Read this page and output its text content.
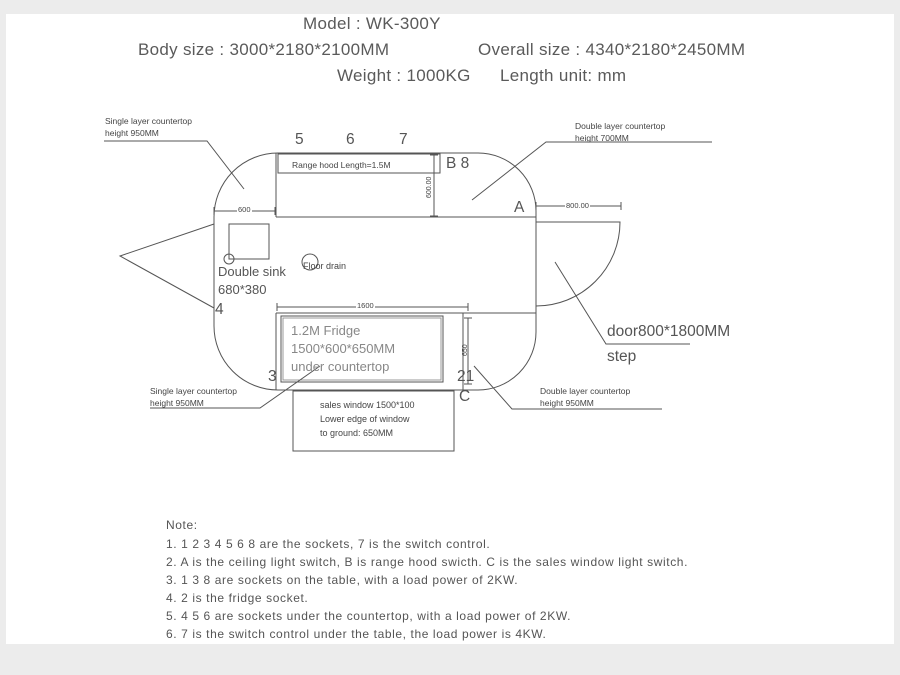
Model : WK-300Y
Body size : 3000*2180*2100MM	Overall size : 4340*2180*2450MM
Weight : 1000KG Length unit: mm
Single layer countertop
height 950MM
Double layer countertop
height 700MM
Single layer countertop
height 950MM
Double layer countertop
height 950MM
Range hood Length=1.5M
600.00
600	800.00
1600
650
Double sink
680*380
Floor drain
1.2M Fridge
1500*600*650MM
under countertop
sales window 1500*100
Lower edge of window
to ground: 650MM
door800*1800MM
step
5	6	7
B 8
A
4
3	21
C
Note:
1. 1 2 3 4 5 6 8 are the sockets, 7 is the switch control.
2. A is the ceiling light switch, B is range hood swicth. C is the sales window light switch.
3. 1 3 8 are sockets on the table, with a load power of 2KW.
4. 2 is the fridge socket.
5. 4 5 6 are sockets under the countertop, with a load power of 2KW.
6. 7 is the switch control under the table, the load power is 4KW.
